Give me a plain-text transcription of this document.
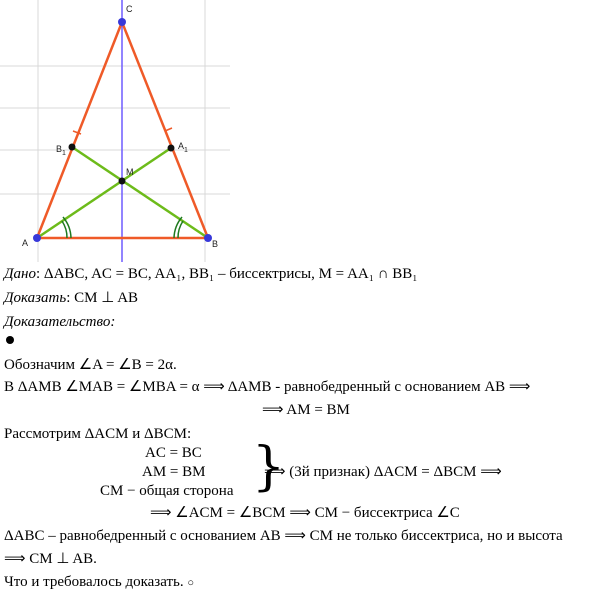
C
A	B
M
$A_1$
$B_1$
Дано: ΔABC, AC = BC, AA₁, BB₁ – биссектрисы, M = AA₁ ∩ BB₁
Доказать: CM ⊥ AB
Доказательство:
Обозначим ∠A = ∠B = 2α.
В ΔAMB ∠MAB = ∠MBA = α ⟹ ΔAMB - равнобедренный с основанием AB ⟹
⟹ AM = BM
Рассмотрим ΔACM и ΔBCM:
AC = BC
AM = BM
CM − общая сторона }
⟹ (3й признак) ΔACM = ΔBCM ⟹
⟹ ∠ACM = ∠BCM ⟹ CM − биссектриса ∠C
ΔABC – равнобедренный с основанием AB ⟹ CM не только биссектриса, но и высота
⟹ CM ⊥ AB.
Что и требовалось доказать. ○
